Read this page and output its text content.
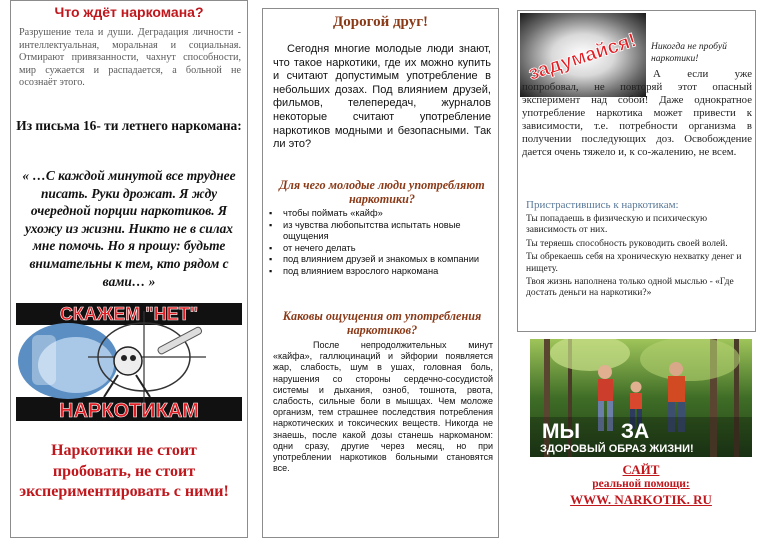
Что ждёт наркомана?
Разрушение тела и души. Деградация личности - интеллектуальная, моральная и социальная. Отмирают привязанности, чахнут способности, мир сужается и распадается, а больной не осознаёт этого.
Из письма 16- ти летнего наркомана:
« …С каждой минутой все труднее писать. Руки дрожат. Я жду очередной порции наркотиков. Я ухожу из жизни. Никто не в силах мне помочь. Но я прошу: будьте внимательны к тем, кто рядом с вами… »
СКАЖЕМ "НЕТ"
НАРКОТИКАМ
Наркотики не стоит пробовать, не стоит экспериментировать с ними!
Дорогой друг!
Сегодня многие молодые люди знают, что такое наркотики, где их можно купить и считают допустимым употребление в небольших дозах. Под влиянием друзей, фильмов, телепередач, журналов некоторые считают употребление наркотиков модными и безопасными. Так ли это?
Для чего молодые люди употребляют наркотики?
▪ чтобы поймать «кайф»
▪ из чувства любопытства испытать новые ощущения
▪ от нечего делать
▪ под влиянием друзей и знакомых в компании
▪ под влиянием взрослого наркомана
Каковы ощущения от употребления наркотиков?
После непродолжительных минут «кайфа», галлюцинаций и эйфории появляется жар, слабость, шум в ушах, головная боль, нарушения со стороны сердечно-сосудистой системы и дыхания, озноб, тошнота, рвота, слабость, сильные боли в мышцах. Чем моложе организм, тем страшнее последствия потребления наркотических и токсических веществ. Никогда не знаешь, после какой дозы станешь наркоманом: одни сразу, другие через месяц, но при употреблении наркотиков больными становятся все.
задумайся! Никогда не пробуй наркотики!
А если уже попробовал, не повторяй этот опасный эксперимент над собой! Даже однократное употребление наркотика может привести к зависимости, т.е. потребности организма в получении последующих доз. Освобождение дается очень тяжело и, к со-жалению, не всем.
Пристрастившись к наркотикам:
Ты попадаешь в физическую и психическую зависимость от них.
Ты теряешь способность руководить своей волей.
Ты обрекаешь себя на хроническую нехватку денег и нищету.
Твоя жизнь наполнена только одной мыслью - «Где достать деньги на наркотики?»
МЫ       ЗА
ЗДОРОВЫЙ ОБРАЗ ЖИЗНИ!
САЙТ
реальной помощи:
WWW. NARKOTIK. RU
